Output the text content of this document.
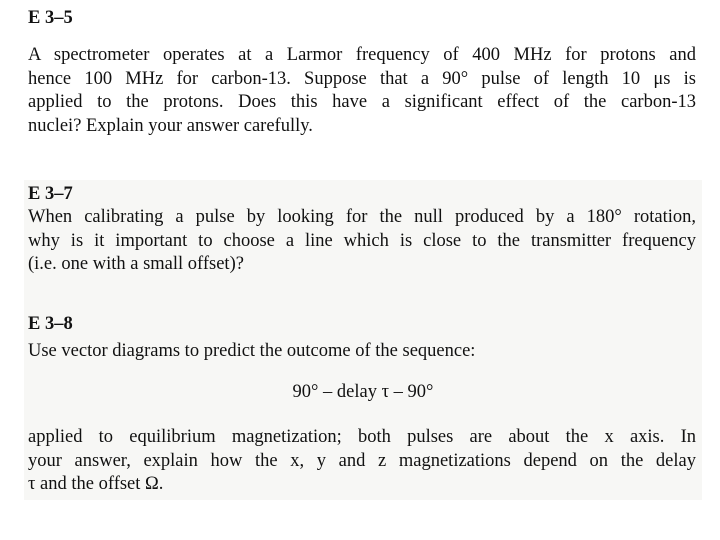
E 3–5
A spectrometer operates at a Larmor frequency of 400 MHz for protons and
hence 100 MHz for carbon-13. Suppose that a 90° pulse of length 10 μs is
applied to the protons. Does this have a significant effect of the carbon-13
nuclei? Explain your answer carefully.
E 3–7
When calibrating a pulse by looking for the null produced by a 180° rotation,
why is it important to choose a line which is close to the transmitter frequency
(i.e. one with a small offset)?
E 3–8
Use vector diagrams to predict the outcome of the sequence:
90° – delay τ – 90°
applied to equilibrium magnetization; both pulses are about the x axis. In
your answer, explain how the x, y and z magnetizations depend on the delay
τ and the offset Ω.
